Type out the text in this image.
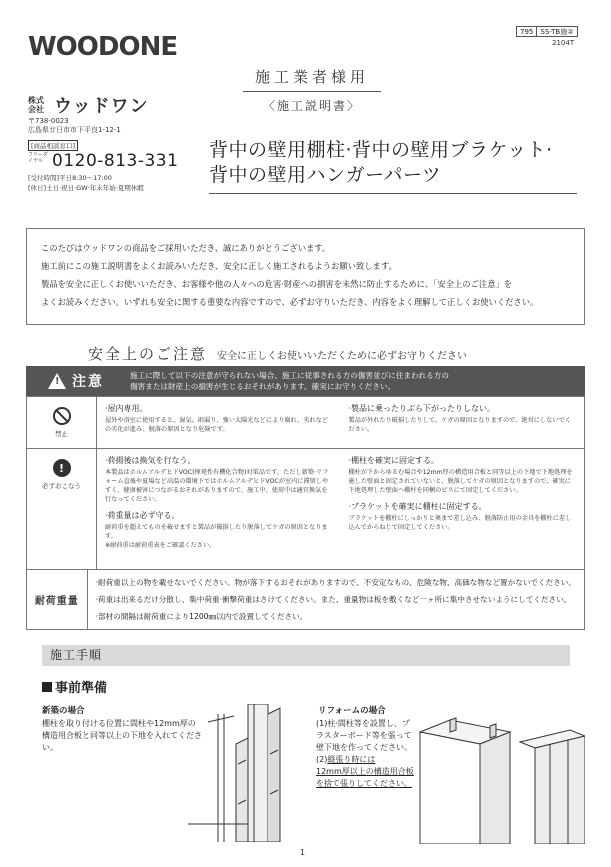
WOODONE
株式
会社 ウッドワン
〒738-0023
広島県廿日市市下平良1-12-1
[商品相談窓口]
フリーダイヤル 0120-813-331
[受付時間]平日8:30～17:00
[休日]土日·祝日·GW·年末年始·夏期休暇
795	SS-TB施②
2104T
施工業者様用
〈施工説明書〉
背中の壁用棚柱·背中の壁用ブラケット·
背中の壁用ハンガーパーツ

このたびはウッドワンの商品をご採用いただき、誠にありがとうございます。

施工前にこの施工説明書をよくお読みいただき、安全に正しく施工されるようお願い致します。

製品を安全に正しくお使いいただき、お客様や他の人々への危害·財産への損害を未然に防止するために、「安全上のご注意」を

よくお読みください。いずれも安全に関する重要な内容ですので、必ずお守りいただき、内容をよく理解して正しくお使いください。

安全上のご注意 安全に正しくお使いいただくために必ずお守りください
!
注意	施工に際して以下の注意が守られない場合、施工に従事される方の傷害並びに住まわれる方の
傷害または財産上の損害が生じるおそれがあります。確実にお守りください。
禁止
·屋内専用。
屋外や浴室に使用すると、湿気、雨漏り、強い太陽光などにより腐れ、劣れなどの劣化が進み、脱落の原因となり危険です。
·製品に乗ったりぶら下がったりしない。
製品が外れたり破損したりして、ケガの原因となりますので、絶対にしないでください。
!
必ずおこなう
·荷揚後は換気を行なう。
本製品はホルムアルデヒドVOC(揮発性有機化合物)対策品です。ただし新築·リフォーム直後や夏場など高温の環境下ではホルムアルデヒドVOCが室内に滞留しやすく、健康被害につながるおそれがありますので、施工中、使用中は適宜換気を行なってください。
·荷重量は必ず守る。
耐荷重を超えてものを載せますと製品が破損したり脱落してケガの原因となります。
※耐荷重は耐荷重表をご確認ください。
·棚柱を確実に固定する。
棚柱が下からゆるむ場合や12mm厚の構造用合板と同等以上の下地で下地処理を施した壁面と固定されていないと、脱落してケガの原因となりますので、確実に下地処理した壁面へ棚柱を同梱のビスにて固定してください。
·ブラケットを確実に棚柱に固定する。
ブラケットを棚柱にしっかりと奥まで差し込み、脱落防止用の金具を棚柱に差し込んでからねじで固定してください。
耐荷重量
·耐荷重以上の物を載せないでください。物が落下するおそれがありますので、不安定なもの、危険な物、高価な物など置かないでください。
·荷重は出来るだけ分散し、集中荷重·衝撃荷重はさけてください。また、重量物は板を敷くなど一ヶ所に集中させないようにしてください。
·部材の間隔は耐荷重により1200㎜以内で設置してください。
施工手順
事前準備
新築の場合
棚柱を取り付ける位置に間柱や12mm厚の構造用合板と同等以上の下地を入れてください。
リフォームの場合
(1)柱·間柱等を設置し、プラスターボード等を張って壁下地を作ってください。
(2)縦張り時には
12mm厚以上の構造用合板を捨て張りしてください。
1
